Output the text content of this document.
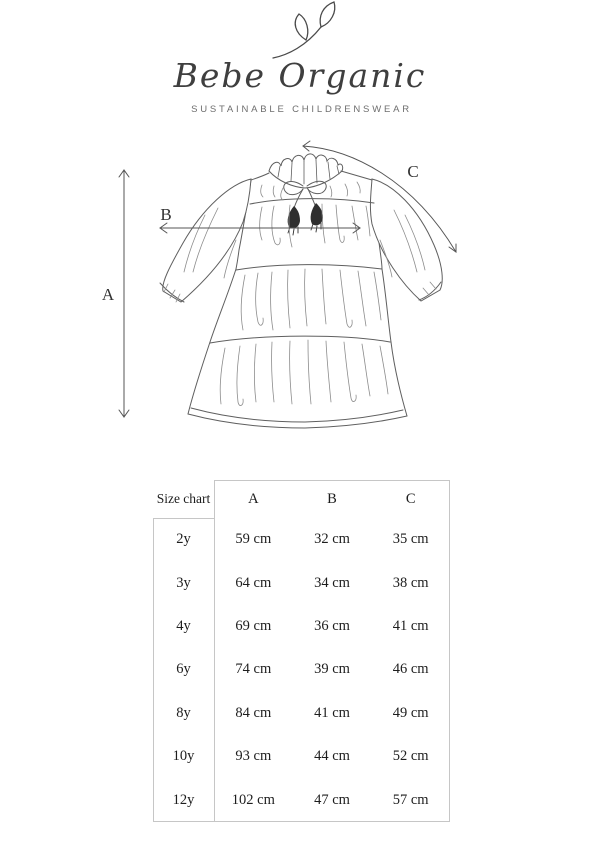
A
B
C
Bebe Organic
SUSTAINABLE CHILDRENSWEAR
Size chart	A	B	C
2y	59 cm	32 cm	35 cm
3y	64 cm	34 cm	38 cm
4y	69 cm	36 cm	41 cm
6y	74 cm	39 cm	46 cm
8y	84 cm	41 cm	49 cm
10y	93 cm	44 cm	52 cm
12y	102 cm	47 cm	57 cm
